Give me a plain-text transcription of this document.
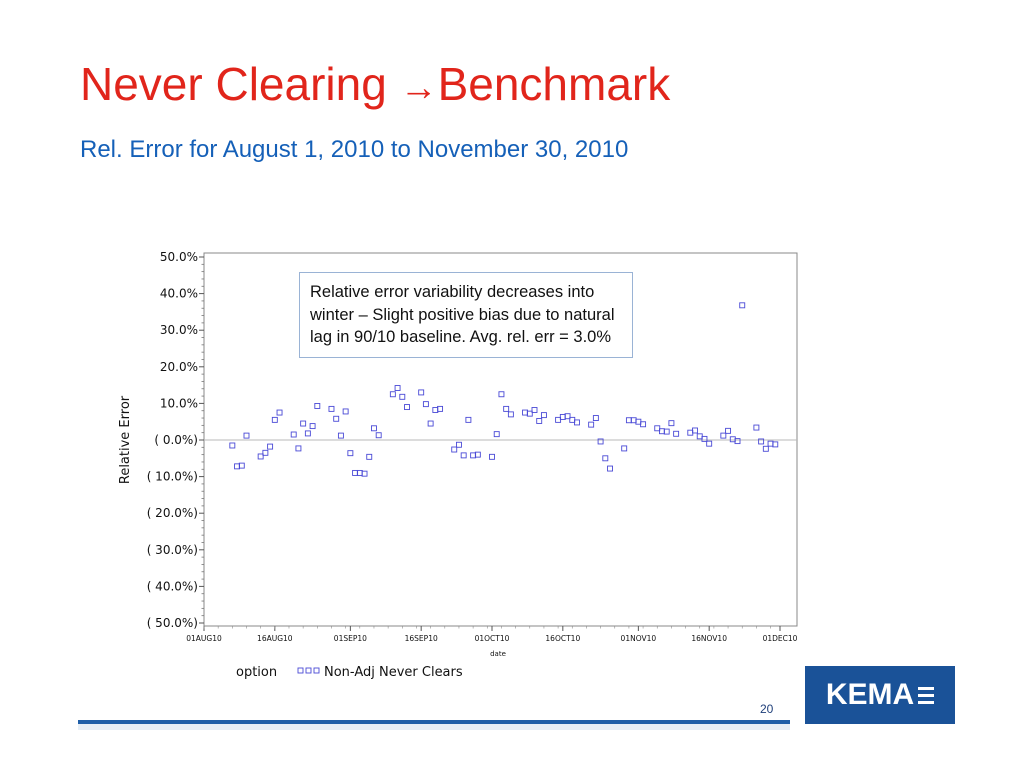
Never Clearing →Benchmark
Rel. Error for August 1, 2010 to November 30, 2010
50.0%
40.0%
30.0%
20.0%
10.0%
( 0.0%)
( 10.0%)
( 20.0%)
( 30.0%)
( 40.0%)
( 50.0%)
01AUG10	16AUG10	01SEP10	16SEP10	01OCT10	16OCT10	01NOV10	16NOV10	01DEC10
date
Relative Error
option	Non-Adj Never Clears
Relative error variability decreases into winter – Slight positive bias due to natural lag in 90/10 baseline. Avg. rel. err = 3.0%
20 KEMA
